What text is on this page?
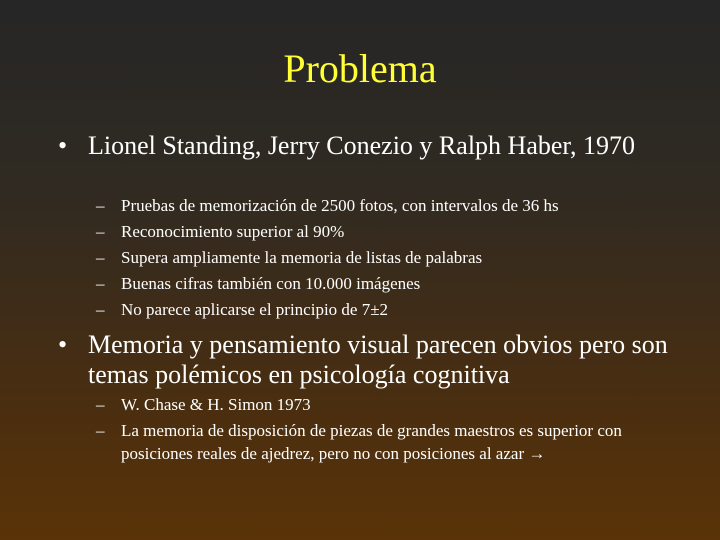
Problema
• Lionel Standing, Jerry Conezio y Ralph Haber, 1970
– Pruebas de memorización de 2500 fotos, con intervalos de 36 hs
– Reconocimiento superior al 90%
– Supera ampliamente la memoria de listas de palabras
– Buenas cifras también con 10.000 imágenes
– No parece aplicarse el principio de 7±2
• Memoria y pensamiento visual parecen obvios pero son temas polémicos en psicología cognitiva
– W. Chase & H. Simon 1973
– La memoria de disposición de piezas de grandes maestros es superior con posiciones reales de ajedrez, pero no con posiciones al azar →
